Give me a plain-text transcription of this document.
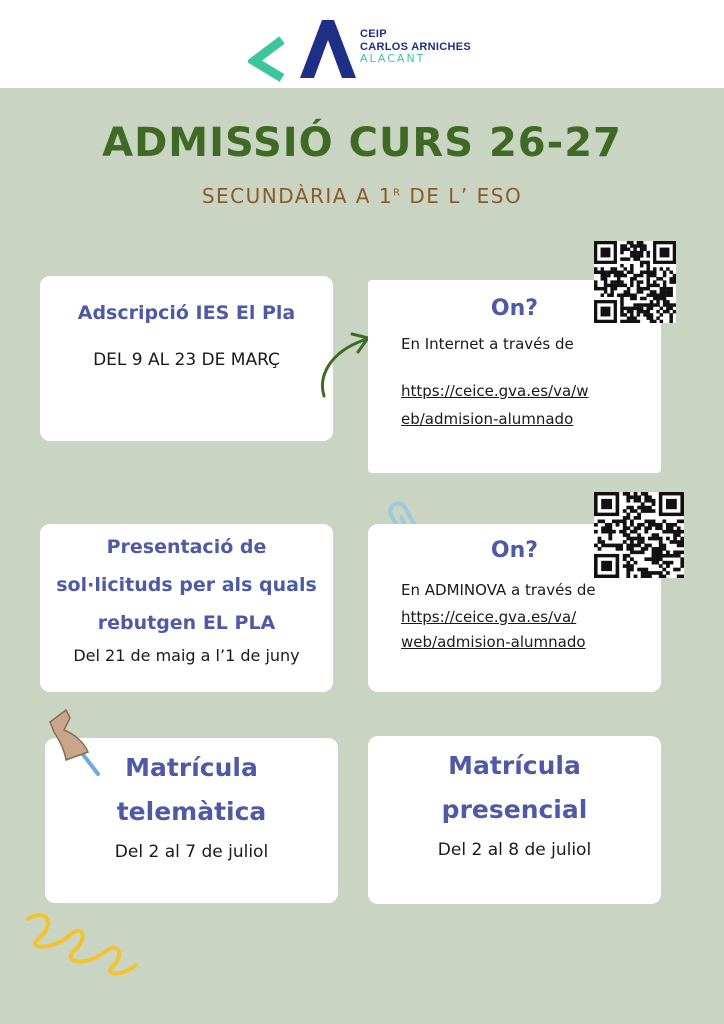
CEIP
CARLOS ARNICHES
ALACANT
ADMISSIÓ CURS 26-27
SECUNDÀRIA A $1^R$ DE L’ ESO
Adscripció IES El Pla
DEL 9 AL 23 DE MARÇ
On?
En Internet a través de
https://ceice.gva.es/va/w
eb/admision-alumnado
Presentació de
sol·licituds per als quals
rebutgen EL PLA
Del 21 de maig a l’1 de juny
On?
En ADMINOVA a través de
https://ceice.gva.es/va/
web/admision-alumnado
Matrícula
telemàtica
Del 2 al 7 de juliol
Matrícula
presencial
Del 2 al 8 de juliol
